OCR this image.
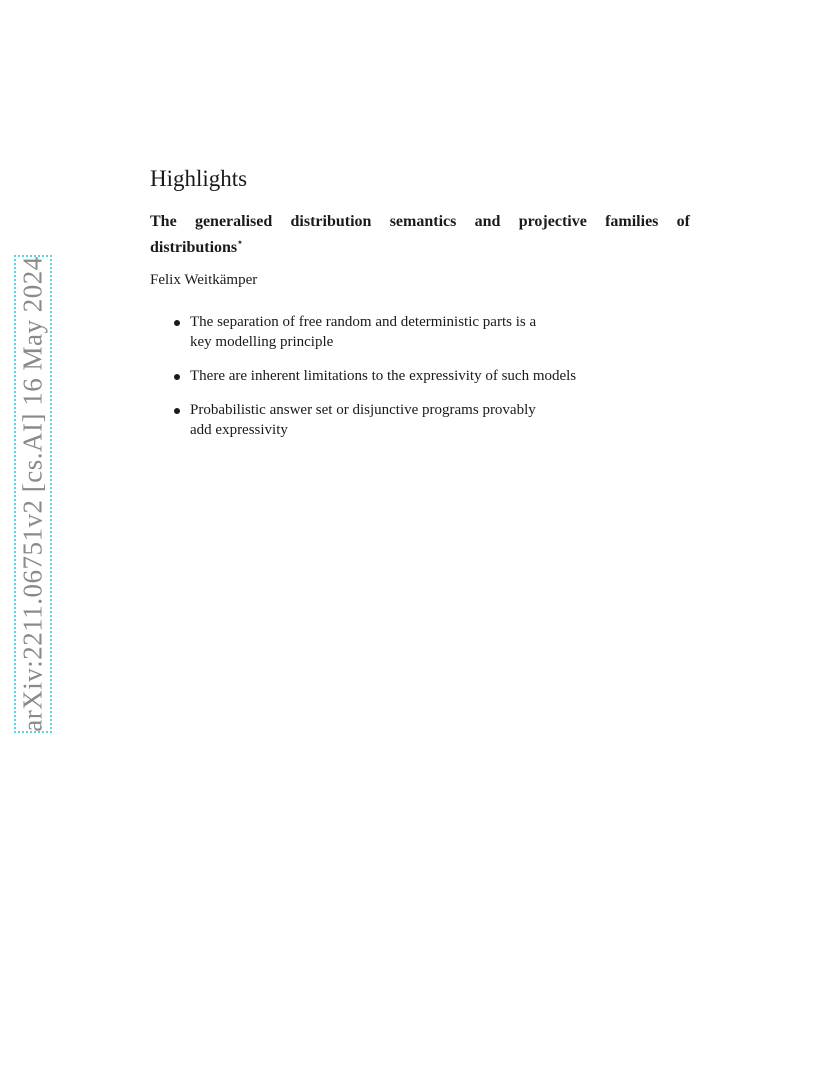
arXiv:2211.06751v2 [cs.AI] 16 May 2024
Highlights
The generalised distribution semantics and projective families of distributions⋆
Felix Weitkämper
The separation of free random and deterministic parts is a
key modelling principle
There are inherent limitations to the expressivity of such models
Probabilistic answer set or disjunctive programs provably
add expressivity
